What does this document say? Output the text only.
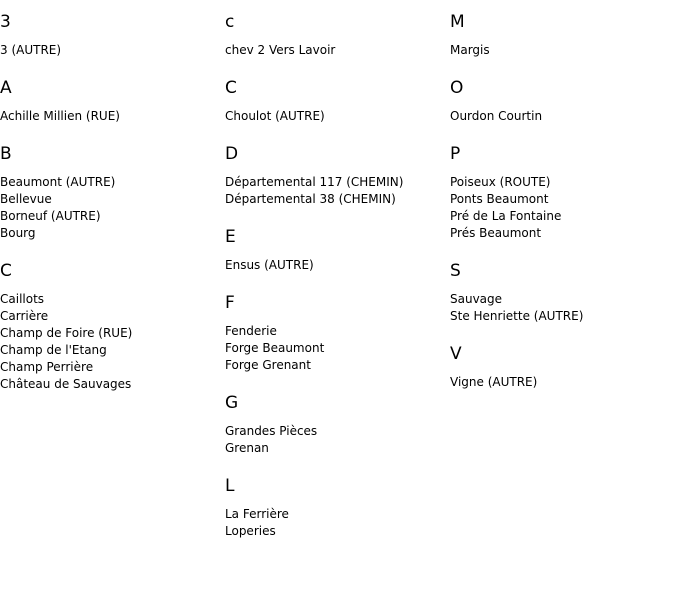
3
3 (AUTRE)
A
Achille Millien (RUE)
B
Beaumont (AUTRE)
Bellevue
Borneuf (AUTRE)
Bourg
C
Caillots
Carrière
Champ de Foire (RUE)
Champ de l'Etang
Champ Perrière
Château de Sauvages
c
chev 2 Vers Lavoir
C
Choulot (AUTRE)
D
Départemental 117 (CHEMIN)
Départemental 38 (CHEMIN)
E
Ensus (AUTRE)
F
Fenderie
Forge Beaumont
Forge Grenant
G
Grandes Pièces
Grenan
L
La Ferrière
Loperies
M
Margis
O
Ourdon Courtin
P
Poiseux (ROUTE)
Ponts Beaumont
Pré de La Fontaine
Prés Beaumont
S
Sauvage
Ste Henriette (AUTRE)
V
Vigne (AUTRE)
